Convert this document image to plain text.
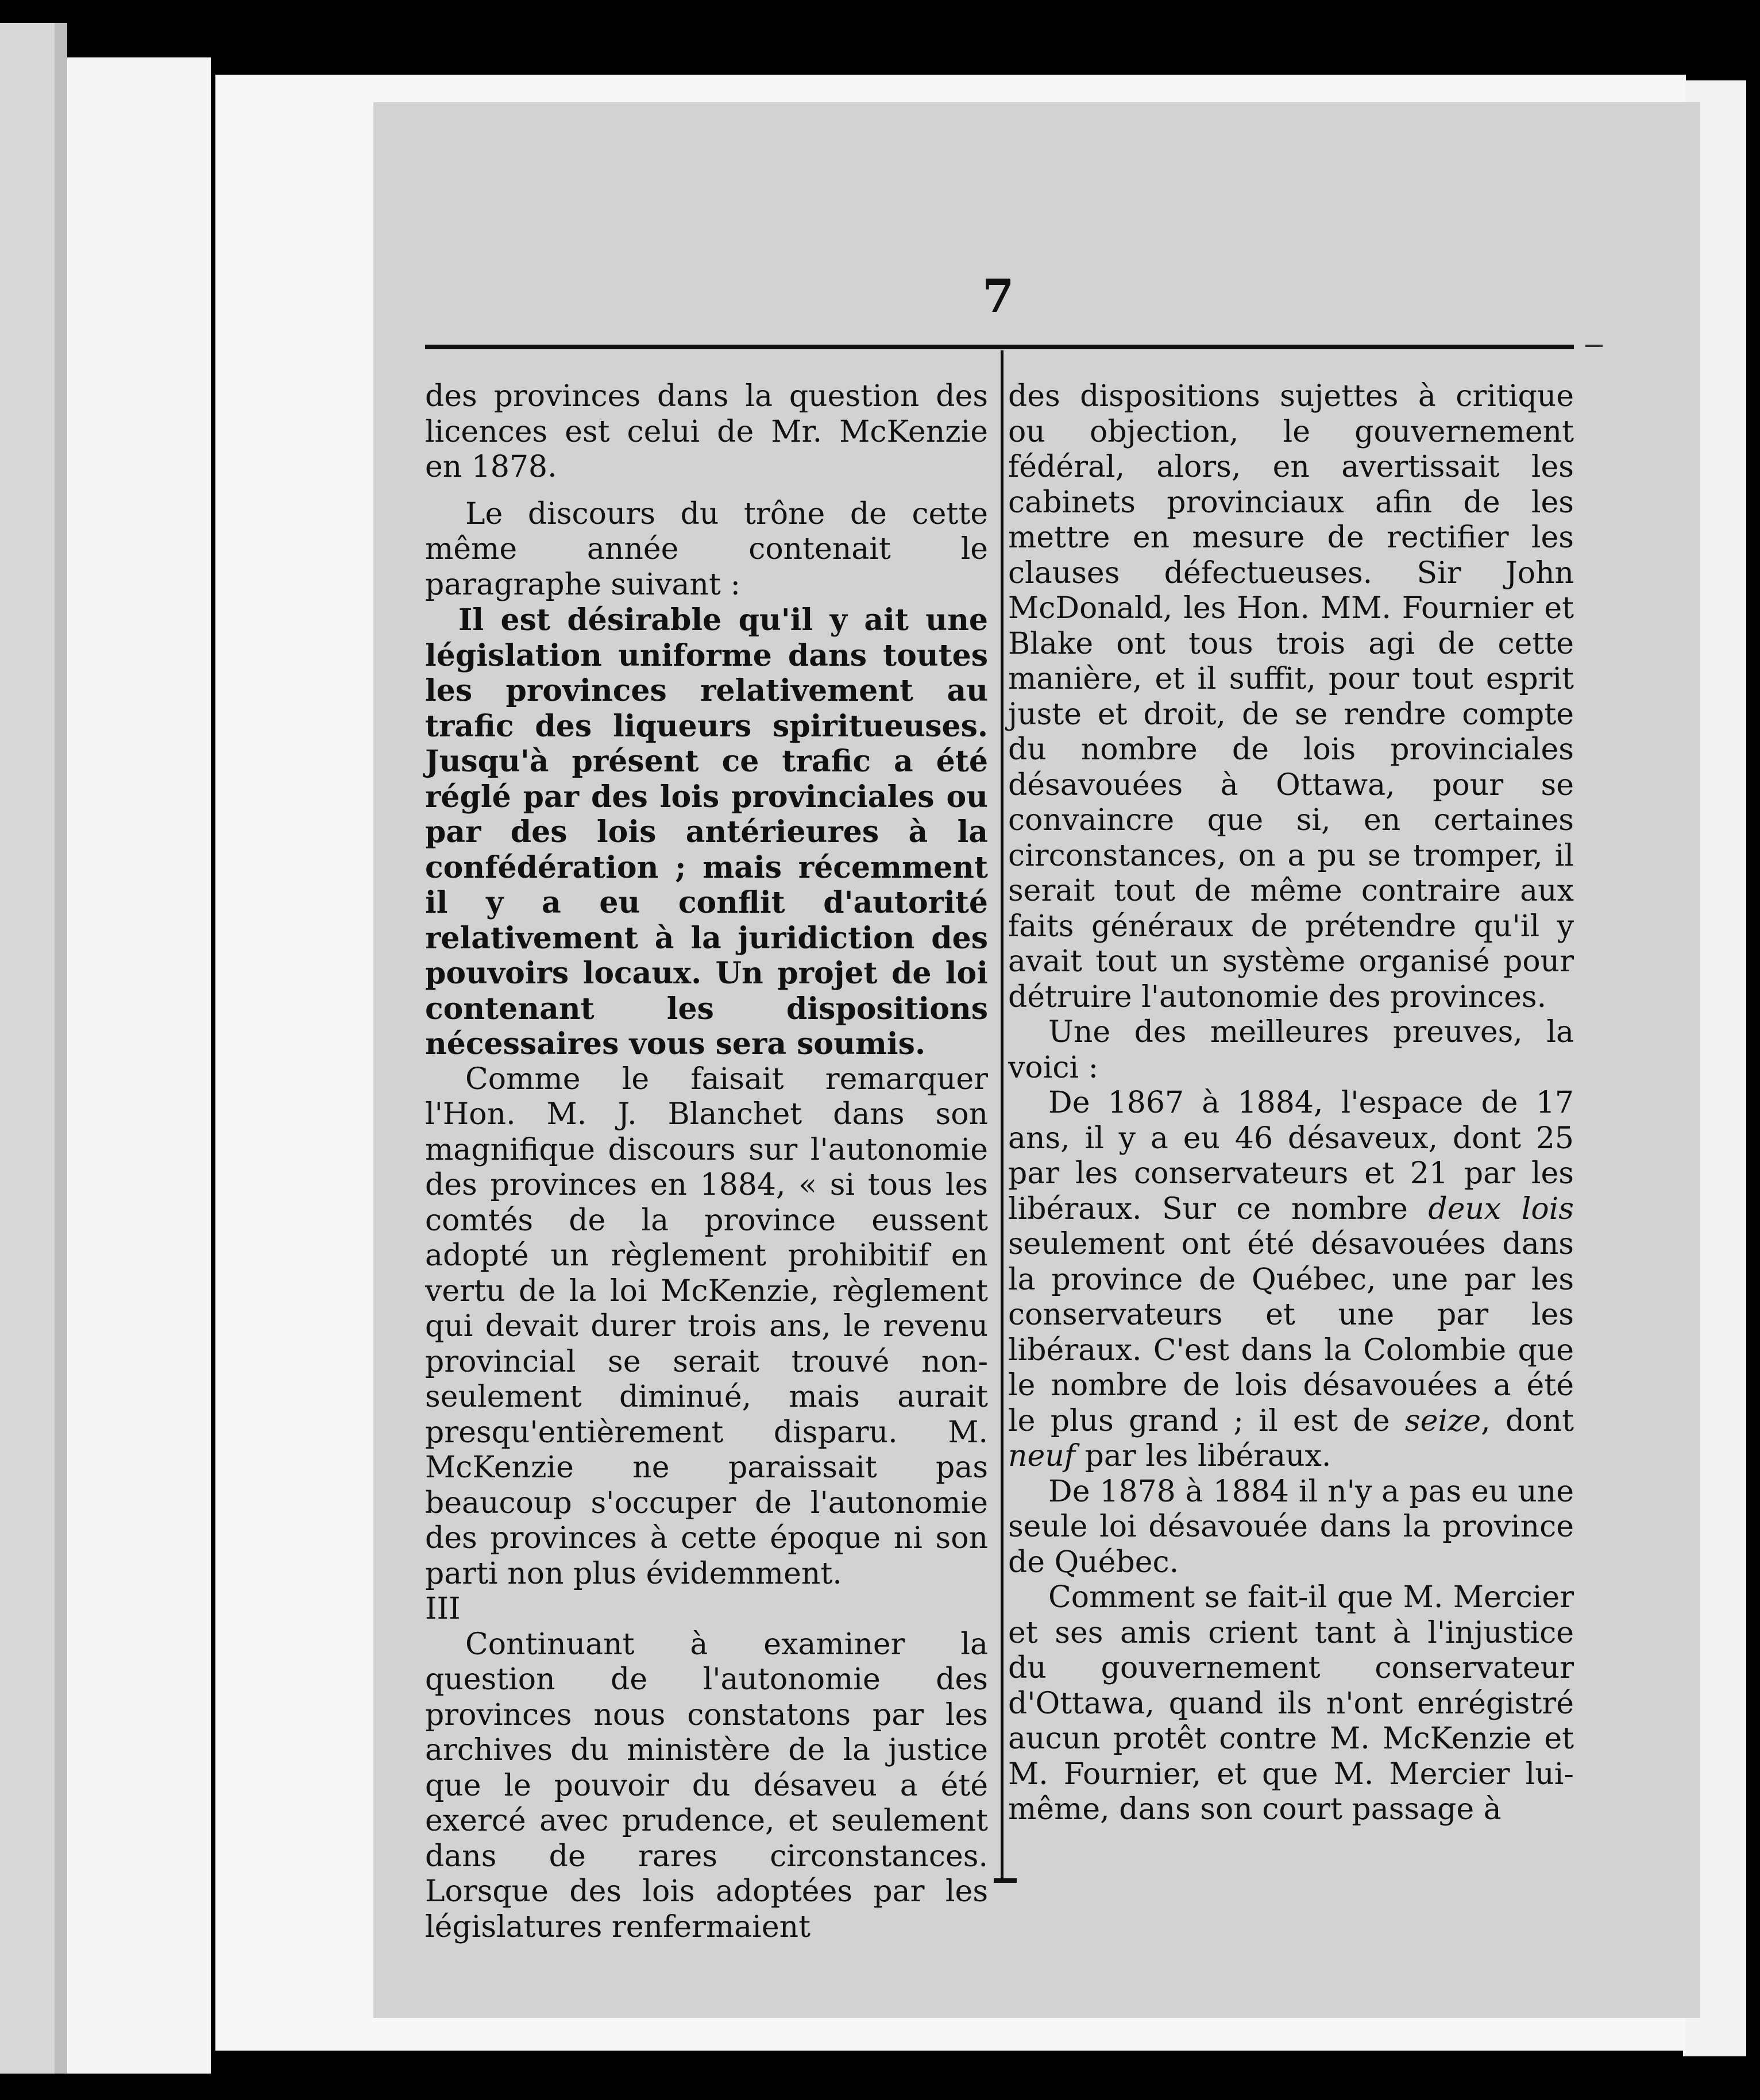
7

des provinces dans la question des licences est celui de Mr. McKenzie en 1878.

Le discours du trône de cette même année contenait le paragraphe suivant :

Il est désirable qu'il y ait une législation uniforme dans toutes les provinces relativement au trafic des liqueurs spiritueuses. Jusqu'à présent ce trafic a été réglé par des lois provinciales ou par des lois antérieures à la confédération ; mais récemment il y a eu conflit d'autorité relativement à la juridiction des pouvoirs locaux. Un projet de loi contenant les dispositions nécessaires vous sera soumis.

Comme le faisait remarquer l'Hon. M. J. Blanchet dans son magnifique discours sur l'autonomie des provinces en 1884, « si tous les comtés de la province eussent adopté un règlement prohibitif en vertu de la loi McKenzie, règlement qui devait durer trois ans, le revenu provincial se serait trouvé non-seulement diminué, mais aurait presqu'entièrement disparu. M. McKenzie ne paraissait pas beaucoup s'occuper de l'autonomie des provinces à cette époque ni son parti non plus évidemment.

III

Continuant à examiner la question de l'autonomie des provinces nous constatons par les archives du ministère de la justice que le pouvoir du désaveu a été exercé avec prudence, et seulement dans de rares circonstances. Lorsque des lois adoptées par les législatures renfermaient

des dispositions sujettes à critique ou objection, le gouvernement fédéral, alors, en avertissait les cabinets provinciaux afin de les mettre en mesure de rectifier les clauses défectueuses. Sir John McDonald, les Hon. MM. Fournier et Blake ont tous trois agi de cette manière, et il suffit, pour tout esprit juste et droit, de se rendre compte du nombre de lois provinciales désavouées à Ottawa, pour se convaincre que si, en certaines circonstances, on a pu se tromper, il serait tout de même contraire aux faits généraux de prétendre qu'il y avait tout un système organisé pour détruire l'autonomie des provinces.

Une des meilleures preuves, la voici :

De 1867 à 1884, l'espace de 17 ans, il y a eu 46 désaveux, dont 25 par les conservateurs et 21 par les libéraux. Sur ce nombre deux lois seulement ont été désavouées dans la province de Québec, une par les conservateurs et une par les libéraux. C'est dans la Colombie que le nombre de lois désavouées a été le plus grand ; il est de seize, dont neuf par les libéraux.

De 1878 à 1884 il n'y a pas eu une seule loi désavouée dans la province de Québec.

Comment se fait-il que M. Mercier et ses amis crient tant à l'injustice du gouvernement conservateur d'Ottawa, quand ils n'ont enrégistré aucun protêt contre M. McKenzie et M. Fournier, et que M. Mercier lui-même, dans son court passage à
